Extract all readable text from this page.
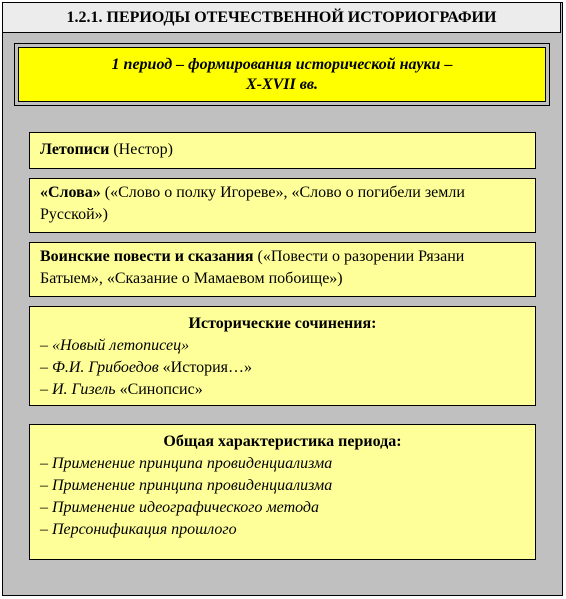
1.2.1. ПЕРИОДЫ ОТЕЧЕСТВЕННОЙ ИСТОРИОГРАФИИ
1 период – формирования исторической науки –
X-XVII вв.
Летописи (Нестор)
«Слова» («Слово о полку Игореве», «Слово о погибели земли Русской»)
Воинские повести и сказания («Повести о разорении Рязани Батыем», «Сказание о Мамаевом побоище»)
Исторические сочинения:
– «Новый летописец»
– Ф.И. Грибоедов «История…»
– И. Гизель «Синопсис»
Общая характеристика периода:
– Применение принципа провиденциализма
– Применение принципа провиденциализма
– Применение идеографического метода
– Персонификация прошлого
